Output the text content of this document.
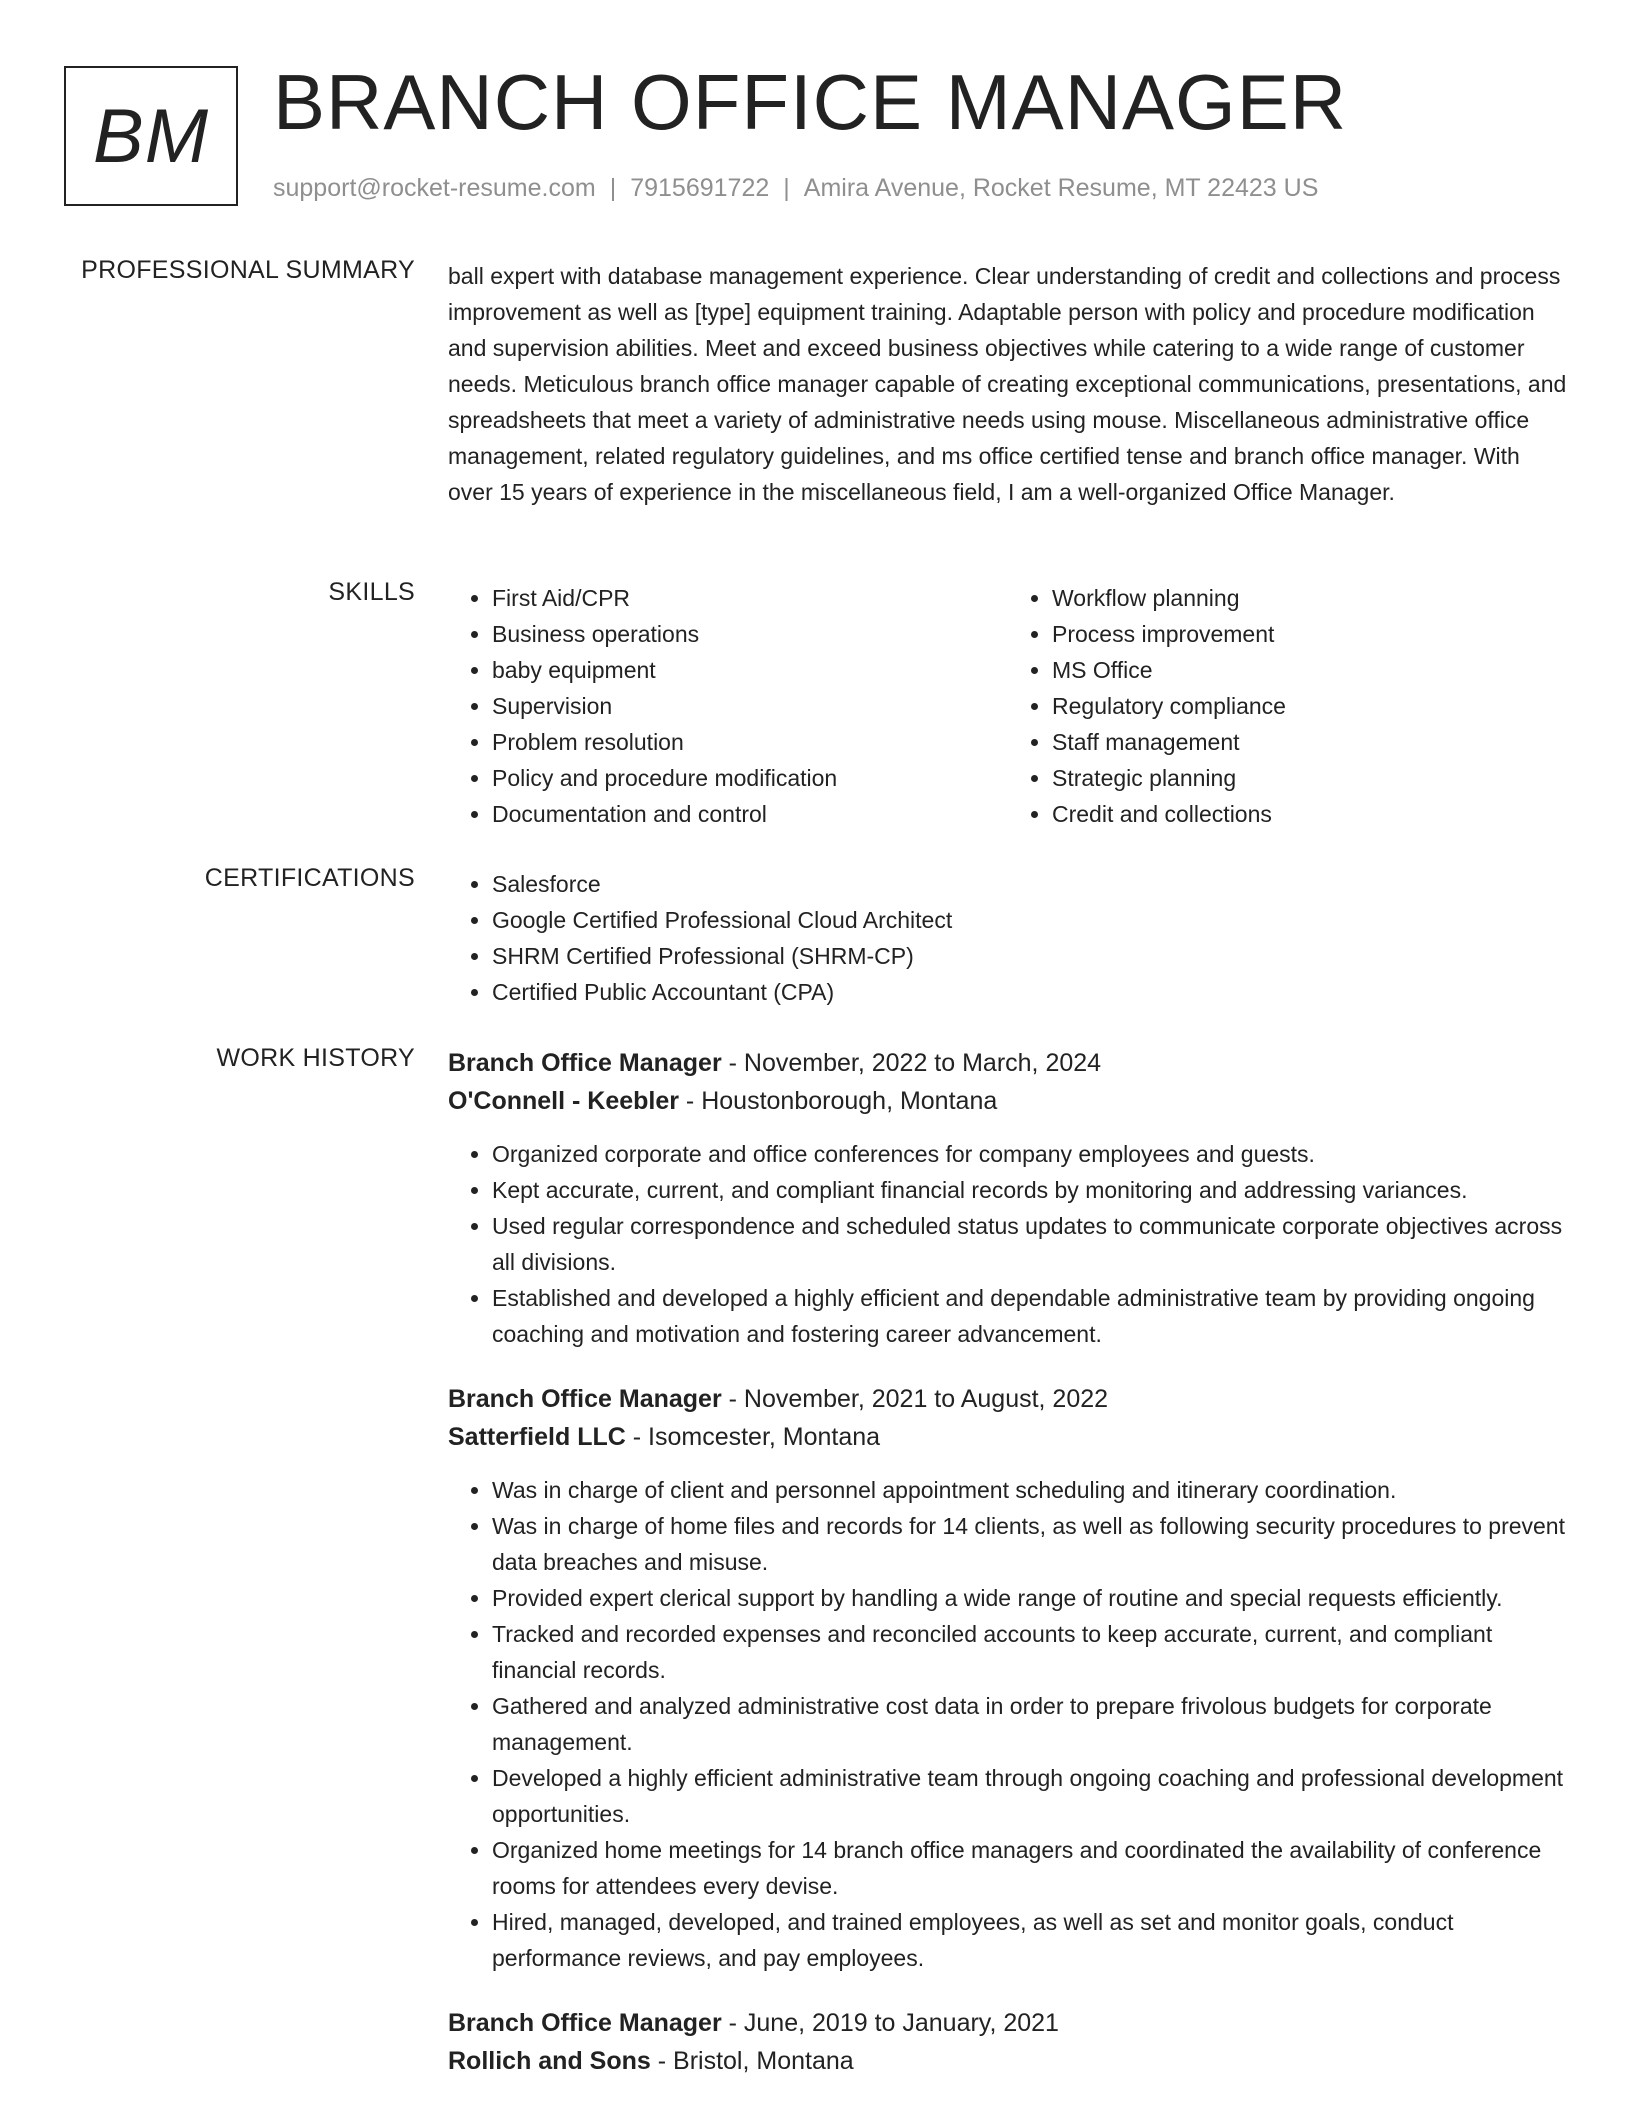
BM BRANCH OFFICE MANAGER
support@rocket-resume.com | 7915691722 | Amira Avenue, Rocket Resume, MT 22423 US
PROFESSIONAL SUMMARY ball expert with database management experience. Clear understanding of credit and collections and process improvement as well as [type] equipment training. Adaptable person with policy and procedure modification and supervision abilities. Meet and exceed business objectives while catering to a wide range of customer needs. Meticulous branch office manager capable of creating exceptional communications, presentations, and spreadsheets that meet a variety of administrative needs using mouse. Miscellaneous administrative office management, related regulatory guidelines, and ms office certified tense and branch office manager. With over 15 years of experience in the miscellaneous field, I am a well-organized Office Manager.

SKILLS	• First Aid/CPR
• Business operations
• baby equipment
• Supervision
• Problem resolution
• Policy and procedure modification
• Documentation and control
• Workflow planning
• Process improvement
• MS Office
• Regulatory compliance
• Staff management
• Strategic planning
• Credit and collections
CERTIFICATIONS	• Salesforce
• Google Certified Professional Cloud Architect
• SHRM Certified Professional (SHRM-CP)
• Certified Public Accountant (CPA)
WORK HISTORY Branch Office Manager - November, 2022 to March, 2024
O'Connell - Keebler - Houstonborough, Montana
• Organized corporate and office conferences for company employees and guests.
• Kept accurate, current, and compliant financial records by monitoring and addressing variances.
• Used regular correspondence and scheduled status updates to communicate corporate objectives across all divisions.
• Established and developed a highly efficient and dependable administrative team by providing ongoing coaching and motivation and fostering career advancement.
Branch Office Manager - November, 2021 to August, 2022
Satterfield LLC - Isomcester, Montana
• Was in charge of client and personnel appointment scheduling and itinerary coordination.
• Was in charge of home files and records for 14 clients, as well as following security procedures to prevent data breaches and misuse.
• Provided expert clerical support by handling a wide range of routine and special requests efficiently.
• Tracked and recorded expenses and reconciled accounts to keep accurate, current, and compliant financial records.
• Gathered and analyzed administrative cost data in order to prepare frivolous budgets for corporate management.
• Developed a highly efficient administrative team through ongoing coaching and professional development opportunities.
• Organized home meetings for 14 branch office managers and coordinated the availability of conference rooms for attendees every devise.
• Hired, managed, developed, and trained employees, as well as set and monitor goals, conduct performance reviews, and pay employees.
Branch Office Manager - June, 2019 to January, 2021
Rollich and Sons - Bristol, Montana
